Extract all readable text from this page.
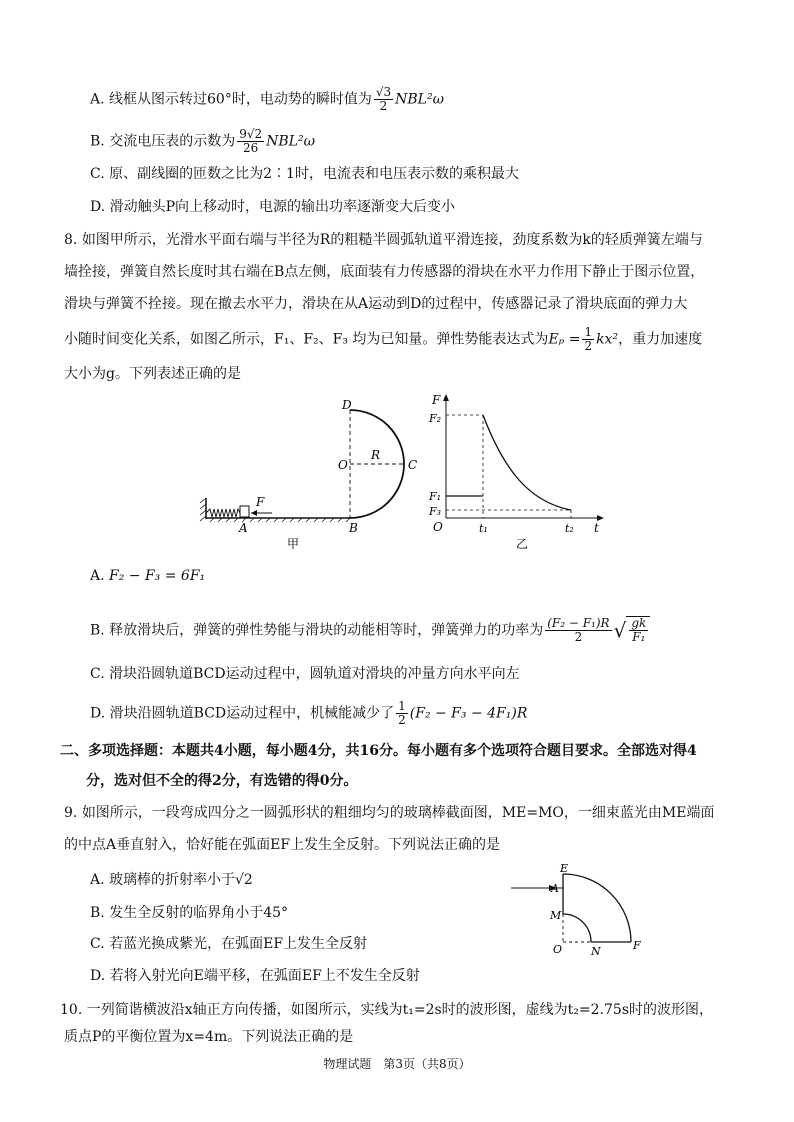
A. 线框从图示转过60°时，电动势的瞬时值为 $\frac{√3}{2} NBL^2\omega$
B. 交流电压表的示数为 $\frac{9√2}{26} NBL^2\omega$
C. 原、副线圈的匝数之比为2∶1时，电流表和电压表示数的乘积最大
D. 滑动触头P向上移动时，电源的输出功率逐渐变大后变小
8. 如图甲所示，光滑水平面右端与半径为R的粗糙半圆弧轨道平滑连接，劲度系数为k的轻质弹簧左端与
墙拴接，弹簧自然长度时其右端在B点左侧，底面装有力传感器的滑块在水平力作用下静止于图示位置，
滑块与弹簧不拴接。现在撤去水平力，滑块在从A运动到D的过程中，传感器记录了滑块底面的弹力大
小随时间变化关系，如图乙所示，F₁、F₂、F₃ 均为已知量。弹性势能表达式为$E_p = \frac{1}{2} kx^2$，重力加速度
大小为g。下列表述正确的是
F
D
O
R
C
A	B
甲
F
F₂
F₁
F₃
O	t₁	t₂ t
乙
A. F₂ − F₃ = 6F₁
B. 释放滑块后，弹簧的弹性势能与滑块的动能相等时，弹簧弹力的功率为 $\frac{\text{(F₂ − F₁)R}}{2}$ √ $\frac{gk}{\text{F₁}}$
C. 滑块沿圆轨道BCD运动过程中，圆轨道对滑块的冲量方向水平向左
D. 滑块沿圆轨道BCD运动过程中，机械能减少了 $\frac{1}{2} (F_2 - F_3 - 4F_1)R$
二、多项选择题：本题共4小题，每小题4分，共16分。每小题有多个选项符合题目要求。全部选对得4
分，选对但不全的得2分，有选错的得0分。
9. 如图所示，一段弯成四分之一圆弧形状的粗细均匀的玻璃棒截面图，ME=MO，一细束蓝光由ME端面
的中点A垂直射入，恰好能在弧面EF上发生全反射。下列说法正确的是
A. 玻璃棒的折射率小于√2
B. 发生全反射的临界角小于45°
C. 若蓝光换成紫光，在弧面EF上发生全反射
D. 若将入射光向E端平移，在弧面EF上不发生全反射
E
A
M
O	N	F
10. 一列简谐横波沿x轴正方向传播，如图所示，实线为t₁=2s时的波形图，虚线为t₂=2.75s时的波形图，
质点P的平衡位置为x=4m。下列说法正确的是
物理试题　第3页（共8页）
